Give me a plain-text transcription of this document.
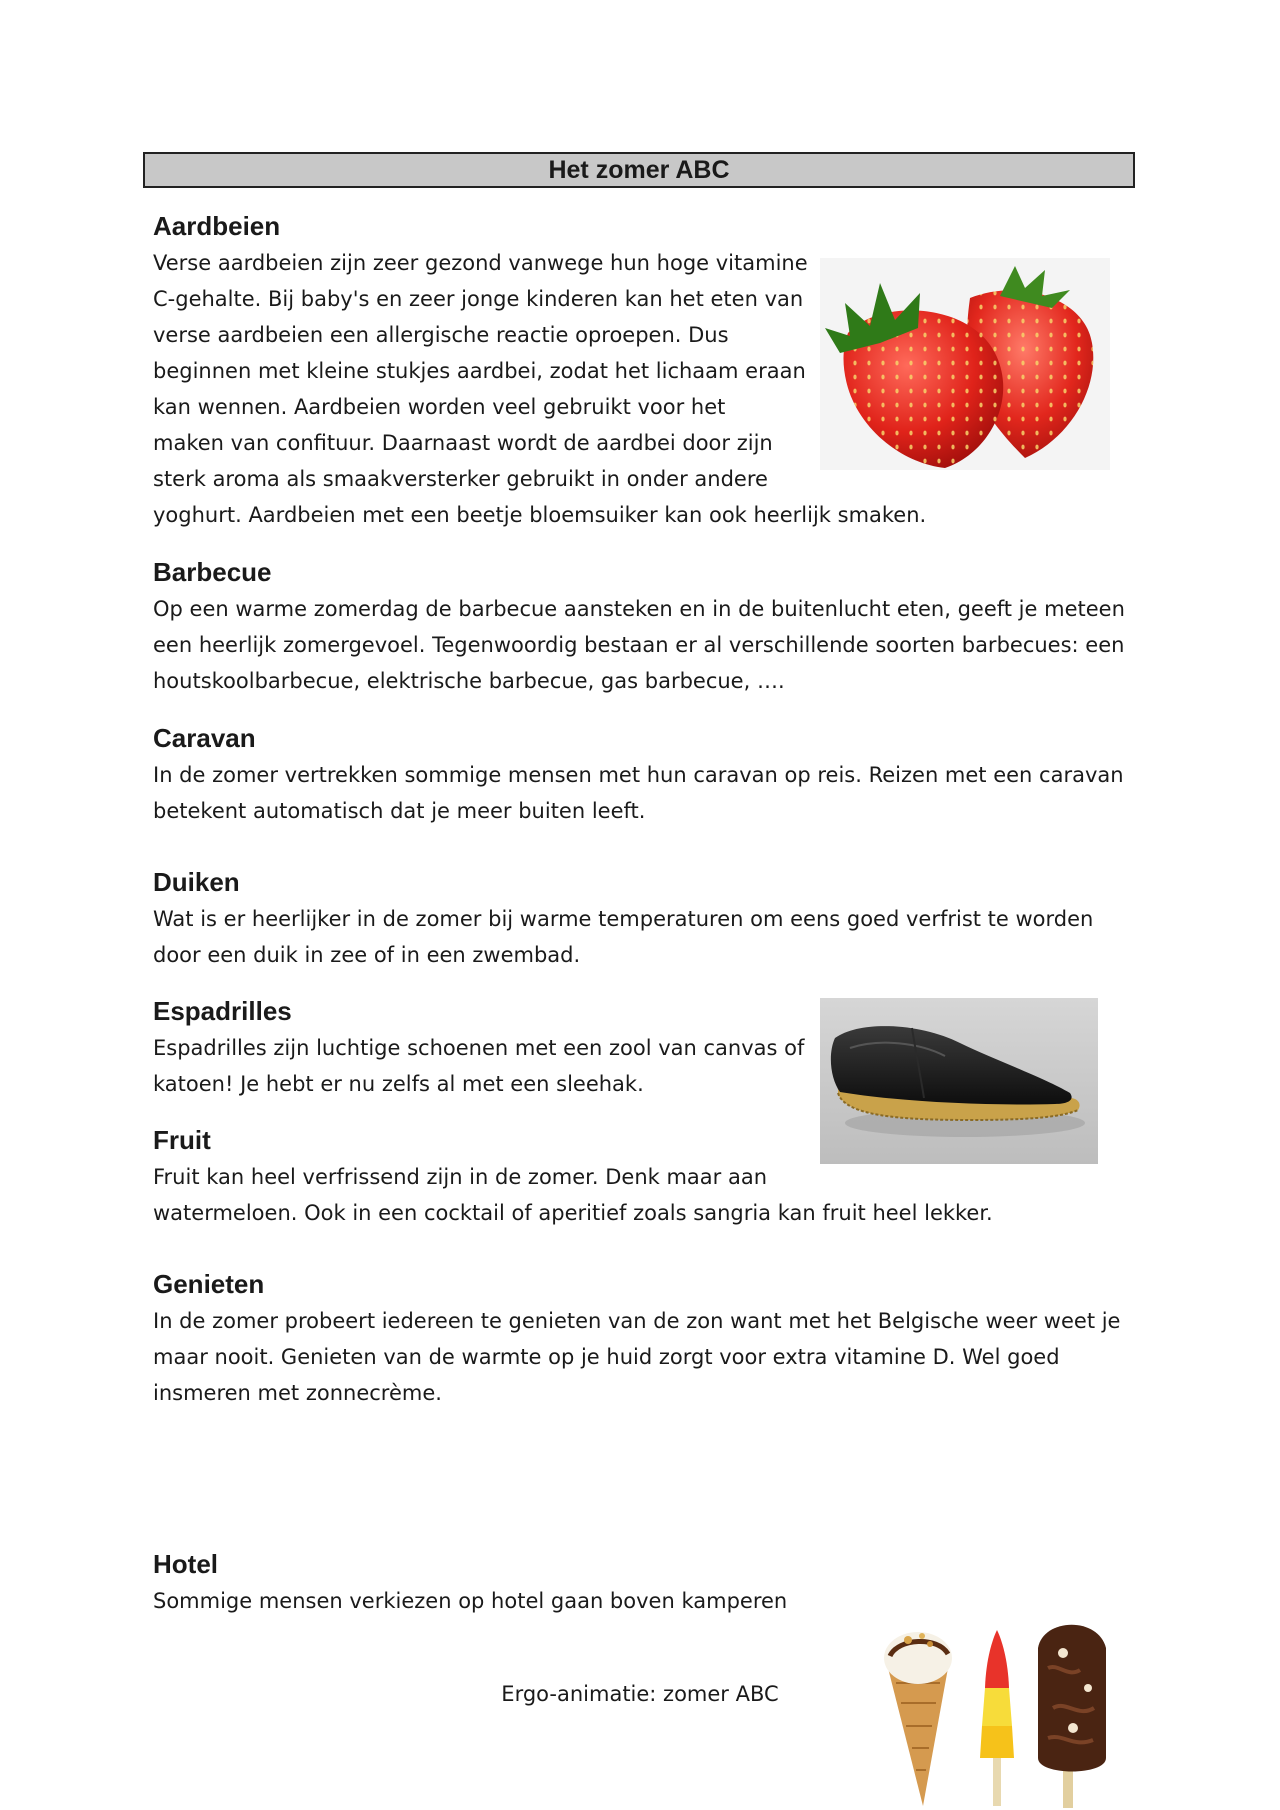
Het zomer ABC
Aardbeien
Verse aardbeien zijn zeer gezond vanwege hun hoge vitamine
C-gehalte. Bij baby's en zeer jonge kinderen kan het eten van
verse aardbeien een allergische reactie oproepen. Dus
beginnen met kleine stukjes aardbei, zodat het lichaam eraan
kan wennen. Aardbeien worden veel gebruikt voor het
maken van confituur. Daarnaast wordt de aardbei door zijn
sterk aroma als smaakversterker gebruikt in onder andere
yoghurt. Aardbeien met een beetje bloemsuiker kan ook heerlijk smaken.
Barbecue
Op een warme zomerdag de barbecue aansteken en in de buitenlucht eten, geeft je meteen
een heerlijk zomergevoel. Tegenwoordig bestaan er al verschillende soorten barbecues: een
houtskoolbarbecue, elektrische barbecue, gas barbecue, ….
Caravan
In de zomer vertrekken sommige mensen met hun caravan op reis. Reizen met een caravan
betekent automatisch dat je meer buiten leeft.
Duiken
Wat is er heerlijker in de zomer bij warme temperaturen om eens goed verfrist te worden
door een duik in zee of in een zwembad.
Espadrilles
Espadrilles zijn luchtige schoenen met een zool van canvas of
katoen! Je hebt er nu zelfs al met een sleehak.
Fruit
Fruit kan heel verfrissend zijn in de zomer. Denk maar aan
watermeloen. Ook in een cocktail of aperitief zoals sangria kan fruit heel lekker.
Genieten
In de zomer probeert iedereen te genieten van de zon want met het Belgische weer weet je
maar nooit. Genieten van de warmte op je huid zorgt voor extra vitamine D. Wel goed
insmeren met zonnecrème.
Hotel
Sommige mensen verkiezen op hotel gaan boven kamperen
Ergo-animatie: zomer ABC
